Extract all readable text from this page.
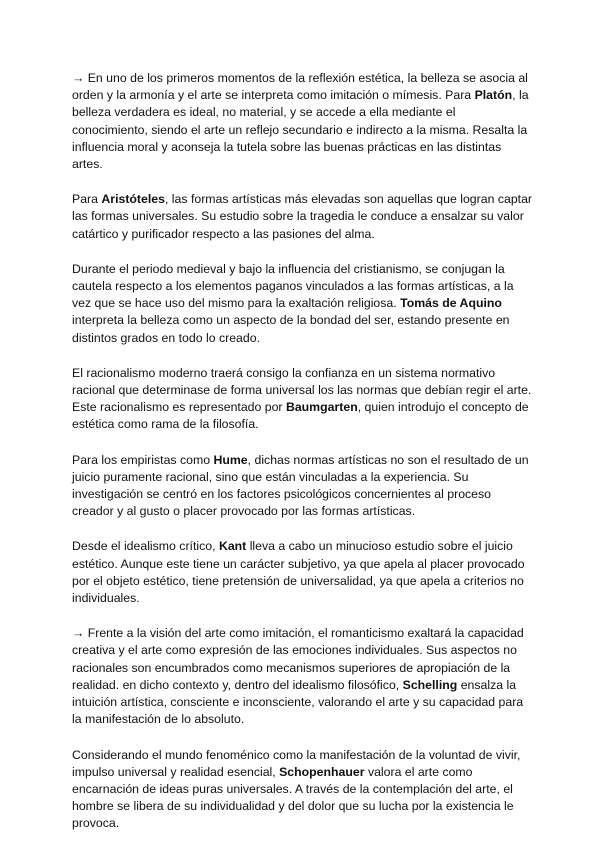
→ En uno de los primeros momentos de la reflexión estética, la belleza se asocia al orden y la armonía y el arte se interpreta como imitación o mímesis. Para Platón, la belleza verdadera es ideal, no material, y se accede a ella mediante el conocimiento, siendo el arte un reflejo secundario e indirecto a la misma. Resalta la influencia moral y aconseja la tutela sobre las buenas prácticas en las distintas artes.

Para Aristóteles, las formas artísticas más elevadas son aquellas que logran captar las formas universales. Su estudio sobre la tragedia le conduce a ensalzar su valor catártico y purificador respecto a las pasiones del alma.

Durante el periodo medieval y bajo la influencia del cristianismo, se conjugan la cautela respecto a los elementos paganos vinculados a las formas artísticas, a la vez que se hace uso del mismo para la exaltación religiosa. Tomás de Aquino interpreta la belleza como un aspecto de la bondad del ser, estando presente en distintos grados en todo lo creado.

El racionalismo moderno traerá consigo la confianza en un sistema normativo racional que determinase de forma universal los las normas que debían regir el arte. Este racionalismo es representado por Baumgarten, quien introdujo el concepto de estética como rama de la filosofía.

Para los empiristas como Hume, dichas normas artísticas no son el resultado de un juicio puramente racional, sino que están vinculadas a la experiencia. Su investigación se centró en los factores psicológicos concernientes al proceso creador y al gusto o placer provocado por las formas artísticas.

Desde el idealismo crítico, Kant lleva a cabo un minucioso estudio sobre el juicio estético. Aunque este tiene un carácter subjetivo, ya que apela al placer provocado por el objeto estético, tiene pretensión de universalidad, ya que apela a criterios no individuales.

→ Frente a la visión del arte como imitación, el romanticismo exaltará la capacidad creativa y el arte como expresión de las emociones individuales. Sus aspectos no racionales son encumbrados como mecanismos superiores de apropiación de la realidad. en dicho contexto y, dentro del idealismo filosófico, Schelling ensalza la intuición artística, consciente e inconsciente, valorando el arte y su capacidad para la manifestación de lo absoluto.

Considerando el mundo fenoménico como la manifestación de la voluntad de vivir, impulso universal y realidad esencial, Schopenhauer valora el arte como encarnación de ideas puras universales. A través de la contemplación del arte, el hombre se libera de su individualidad y del dolor que su lucha por la existencia le provoca.
